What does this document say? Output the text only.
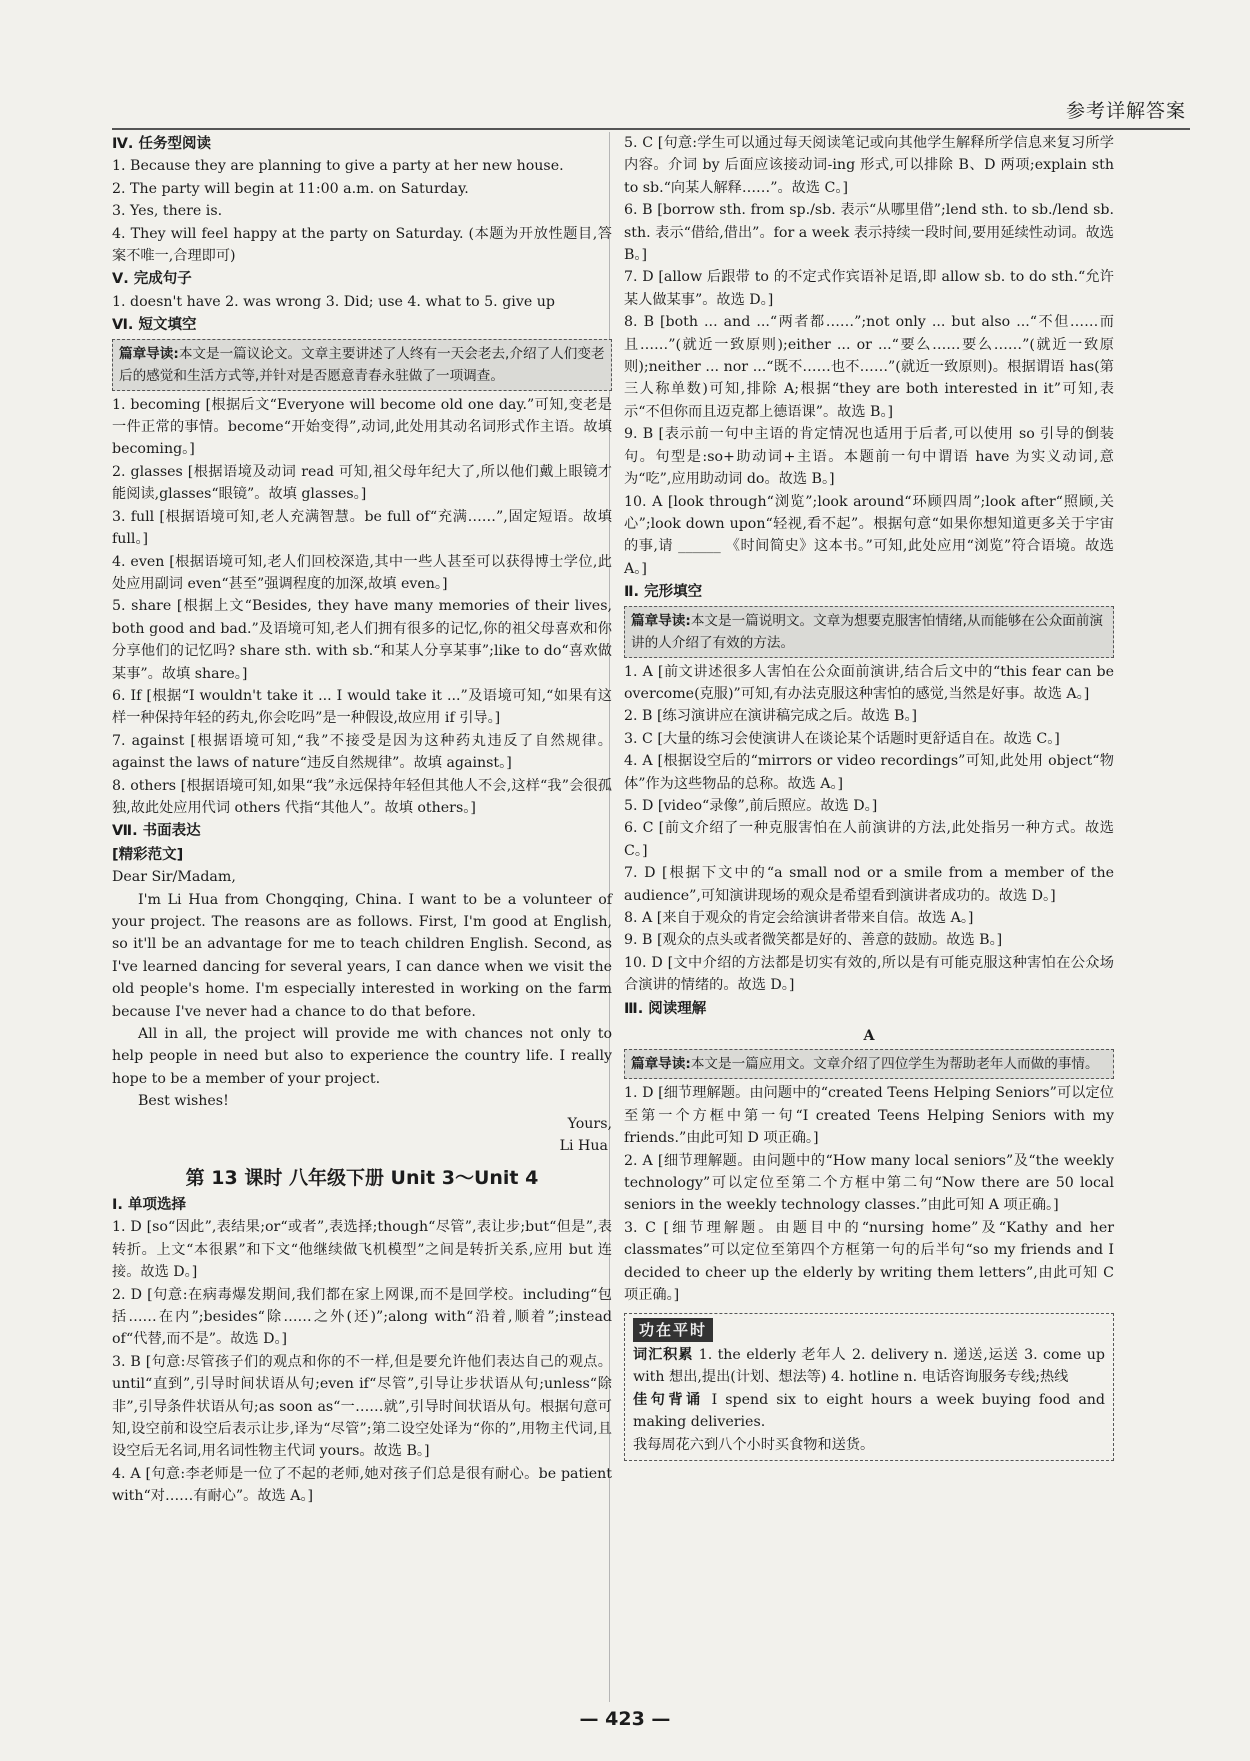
参考详解答案

Ⅳ. 任务型阅读

1. Because they are planning to give a party at her new house.

2. The party will begin at 11:00 a.m. on Saturday.

3. Yes, there is.

4. They will feel happy at the party on Saturday. (本题为开放性题目,答案不唯一,合理即可)

Ⅴ. 完成句子

1. doesn't have 2. was wrong 3. Did; use 4. what to 5. give up

Ⅵ. 短文填空

篇章导读:本文是一篇议论文。文章主要讲述了人终有一天会老去,介绍了人们变老后的感觉和生活方式等,并针对是否愿意青春永驻做了一项调查。

1. becoming [根据后文“Everyone will become old one day.”可知,变老是一件正常的事情。become“开始变得”,动词,此处用其动名词形式作主语。故填 becoming。]

2. glasses [根据语境及动词 read 可知,祖父母年纪大了,所以他们戴上眼镜才能阅读,glasses“眼镜”。故填 glasses。]

3. full [根据语境可知,老人充满智慧。be full of“充满……”,固定短语。故填 full。]

4. even [根据语境可知,老人们回校深造,其中一些人甚至可以获得博士学位,此处应用副词 even“甚至”强调程度的加深,故填 even。]

5. share [根据上文“Besides, they have many memories of their lives, both good and bad.”及语境可知,老人们拥有很多的记忆,你的祖父母喜欢和你分享他们的记忆吗? share sth. with sb.“和某人分享某事”;like to do“喜欢做某事”。故填 share。]

6. If [根据“I wouldn't take it ... I would take it ...”及语境可知,“如果有这样一种保持年轻的药丸,你会吃吗”是一种假设,故应用 if 引导。]

7. against [根据语境可知,“我”不接受是因为这种药丸违反了自然规律。against the laws of nature“违反自然规律”。故填 against。]

8. others [根据语境可知,如果“我”永远保持年轻但其他人不会,这样“我”会很孤独,故此处应用代词 others 代指“其他人”。故填 others。]

Ⅶ. 书面表达

[精彩范文]

Dear Sir/Madam,

I'm Li Hua from Chongqing, China. I want to be a volunteer of your project. The reasons are as follows. First, I'm good at English, so it'll be an advantage for me to teach children English. Second, as I've learned dancing for several years, I can dance when we visit the old people's home. I'm especially interested in working on the farm because I've never had a chance to do that before.

All in all, the project will provide me with chances not only to help people in need but also to experience the country life. I really hope to be a member of your project.

Best wishes!

Yours,

Li Hua

第 13 课时 八年级下册 Unit 3～Unit 4

Ⅰ. 单项选择

1. D [so“因此”,表结果;or“或者”,表选择;though“尽管”,表让步;but“但是”,表转折。上文“本很累”和下文“他继续做飞机模型”之间是转折关系,应用 but 连接。故选 D。]

2. D [句意:在病毒爆发期间,我们都在家上网课,而不是回学校。including“包括……在内”;besides“除……之外(还)”;along with“沿着,顺着”;instead of“代替,而不是”。故选 D。]

3. B [句意:尽管孩子们的观点和你的不一样,但是要允许他们表达自己的观点。until“直到”,引导时间状语从句;even if“尽管”,引导让步状语从句;unless“除非”,引导条件状语从句;as soon as“一……就”,引导时间状语从句。根据句意可知,设空前和设空后表示让步,译为“尽管”;第二设空处译为“你的”,用物主代词,且设空后无名词,用名词性物主代词 yours。故选 B。]

4. A [句意:李老师是一位了不起的老师,她对孩子们总是很有耐心。be patient with“对……有耐心”。故选 A。]

5. C [句意:学生可以通过每天阅读笔记或向其他学生解释所学信息来复习所学内容。介词 by 后面应该接动词-ing 形式,可以排除 B、D 两项;explain sth to sb.“向某人解释……”。故选 C。]

6. B [borrow sth. from sp./sb. 表示“从哪里借”;lend sth. to sb./lend sb. sth. 表示“借给,借出”。for a week 表示持续一段时间,要用延续性动词。故选 B。]

7. D [allow 后跟带 to 的不定式作宾语补足语,即 allow sb. to do sth.“允许某人做某事”。故选 D。]

8. B [both ... and ...“两者都……”;not only ... but also ...“不但……而且……”(就近一致原则);either ... or ...“要么……要么……”(就近一致原则);neither ... nor ...“既不……也不……”(就近一致原则)。根据谓语 has(第三人称单数)可知,排除 A;根据“they are both interested in it”可知,表示“不但你而且迈克都上德语课”。故选 B。]

9. B [表示前一句中主语的肯定情况也适用于后者,可以使用 so 引导的倒装句。句型是:so+助动词+主语。本题前一句中谓语 have 为实义动词,意为“吃”,应用助动词 do。故选 B。]

10. A [look through“浏览”;look around“环顾四周”;look after“照顾,关心”;look down upon“轻视,看不起”。根据句意“如果你想知道更多关于宇宙的事,请 ______ 《时间简史》这本书。”可知,此处应用“浏览”符合语境。故选 A。]

Ⅱ. 完形填空

篇章导读:本文是一篇说明文。文章为想要克服害怕情绪,从而能够在公众面前演讲的人介绍了有效的方法。

1. A [前文讲述很多人害怕在公众面前演讲,结合后文中的“this fear can be overcome(克服)”可知,有办法克服这种害怕的感觉,当然是好事。故选 A。]

2. B [练习演讲应在演讲稿完成之后。故选 B。]

3. C [大量的练习会使演讲人在谈论某个话题时更舒适自在。故选 C。]

4. A [根据设空后的“mirrors or video recordings”可知,此处用 object“物体”作为这些物品的总称。故选 A。]

5. D [video“录像”,前后照应。故选 D。]

6. C [前文介绍了一种克服害怕在人前演讲的方法,此处指另一种方式。故选 C。]

7. D [根据下文中的“a small nod or a smile from a member of the audience”,可知演讲现场的观众是希望看到演讲者成功的。故选 D。]

8. A [来自于观众的肯定会给演讲者带来自信。故选 A。]

9. B [观众的点头或者微笑都是好的、善意的鼓励。故选 B。]

10. D [文中介绍的方法都是切实有效的,所以是有可能克服这种害怕在公众场合演讲的情绪的。故选 D。]

Ⅲ. 阅读理解

A

篇章导读:本文是一篇应用文。文章介绍了四位学生为帮助老年人而做的事情。

1. D [细节理解题。由问题中的“created Teens Helping Seniors”可以定位至第一个方框中第一句“I created Teens Helping Seniors with my friends.”由此可知 D 项正确。]

2. A [细节理解题。由问题中的“How many local seniors”及“the weekly technology”可以定位至第二个方框中第二句“Now there are 50 local seniors in the weekly technology classes.”由此可知 A 项正确。]

3. C [细节理解题。由题目中的“nursing home”及“Kathy and her classmates”可以定位至第四个方框第一句的后半句“so my friends and I decided to cheer up the elderly by writing them letters”,由此可知 C 项正确。]

功在平时

词汇积累 1. the elderly 老年人 2. delivery n. 递送,运送 3. come up with 想出,提出(计划、想法等) 4. hotline n. 电话咨询服务专线;热线

佳句背诵 I spend six to eight hours a week buying food and making deliveries.

我每周花六到八个小时买食物和送货。

— 423 —
